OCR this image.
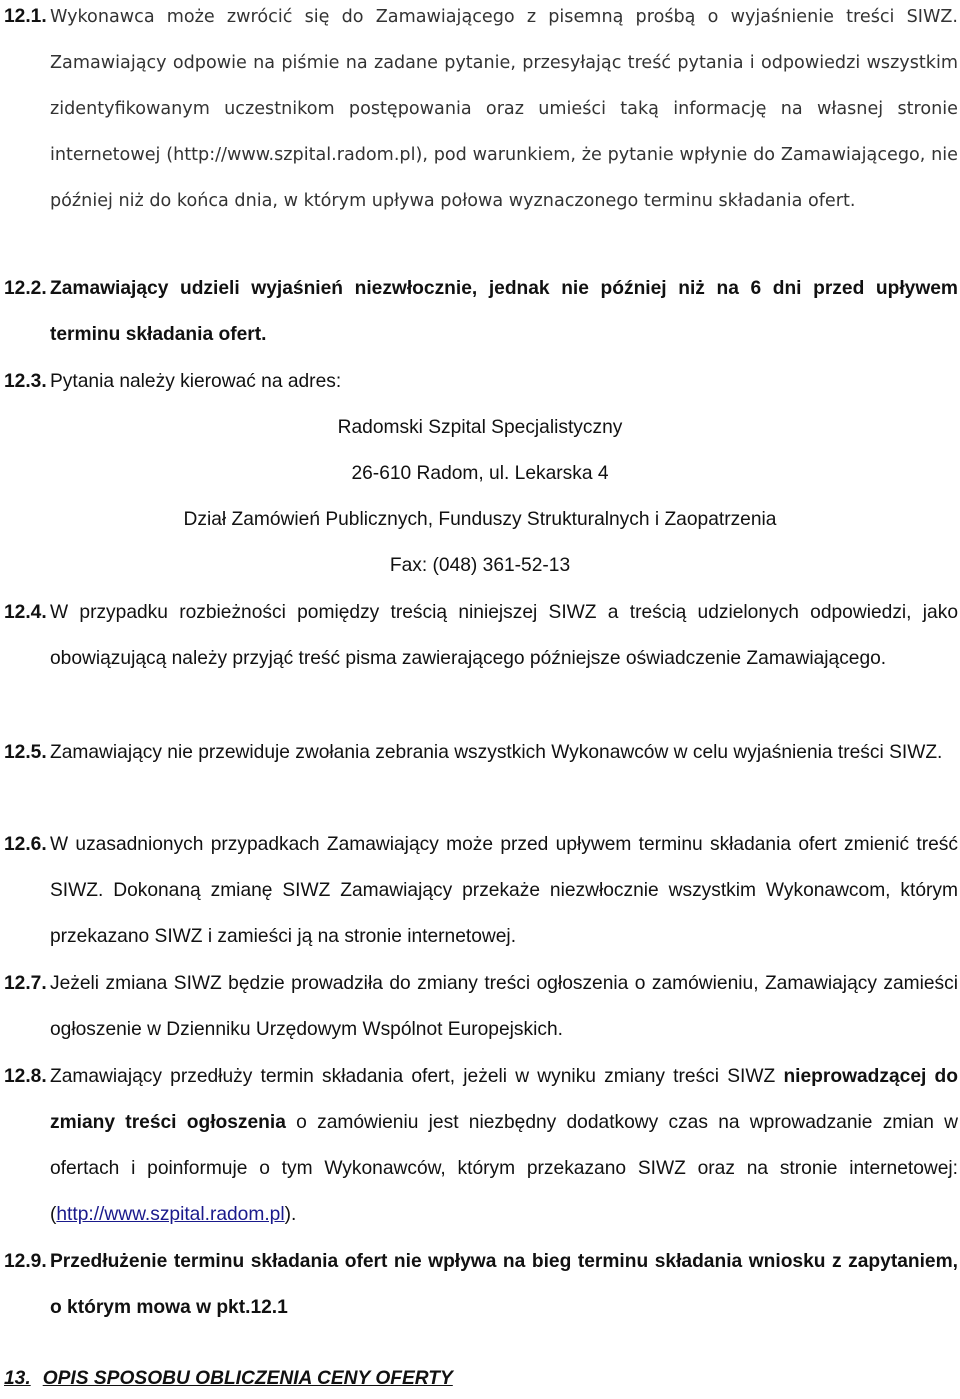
12.1. Wykonawca może zwrócić się do Zamawiającego z pisemną prośbą o wyjaśnienie treści SIWZ. Zamawiający odpowie na piśmie na zadane pytanie, przesyłając treść pytania i odpowiedzi wszystkim zidentyfikowanym uczestnikom postępowania oraz umieści taką informację na własnej stronie internetowej (http://www.szpital.radom.pl), pod warunkiem, że pytanie wpłynie do Zamawiającego, nie później niż do końca dnia, w którym upływa połowa wyznaczonego terminu składania ofert.
12.2. Zamawiający udzieli wyjaśnień niezwłocznie, jednak nie później niż na 6 dni przed upływem terminu składania ofert.
12.3. Pytania należy kierować na adres:
Radomski Szpital Specjalistyczny
26-610 Radom, ul. Lekarska 4
Dział Zamówień Publicznych, Funduszy Strukturalnych i Zaopatrzenia
Fax: (048) 361-52-13
12.4. W przypadku rozbieżności pomiędzy treścią niniejszej SIWZ a treścią udzielonych odpowiedzi, jako obowiązującą należy przyjąć treść pisma zawierającego późniejsze oświadczenie Zamawiającego.
12.5. Zamawiający nie przewiduje zwołania zebrania wszystkich Wykonawców w celu wyjaśnienia treści SIWZ.
12.6. W uzasadnionych przypadkach Zamawiający może przed upływem terminu składania ofert zmienić treść SIWZ. Dokonaną zmianę SIWZ Zamawiający przekaże niezwłocznie wszystkim Wykonawcom, którym przekazano SIWZ i zamieści ją na stronie internetowej.
12.7. Jeżeli zmiana SIWZ będzie prowadziła do zmiany treści ogłoszenia o zamówieniu, Zamawiający zamieści ogłoszenie w Dzienniku Urzędowym Wspólnot Europejskich.
12.8. Zamawiający przedłuży termin składania ofert, jeżeli w wyniku zmiany treści SIWZ nieprowadzącej do zmiany treści ogłoszenia o zamówieniu jest niezbędny dodatkowy czas na wprowadzanie zmian w ofertach i poinformuje o tym Wykonawców, którym przekazano SIWZ oraz na stronie internetowej: (http://www.szpital.radom.pl).
12.9. Przedłużenie terminu składania ofert nie wpływa na bieg terminu składania wniosku z zapytaniem, o którym mowa w pkt.12.1
13. OPIS SPOSOBU OBLICZENIA CENY OFERTY
